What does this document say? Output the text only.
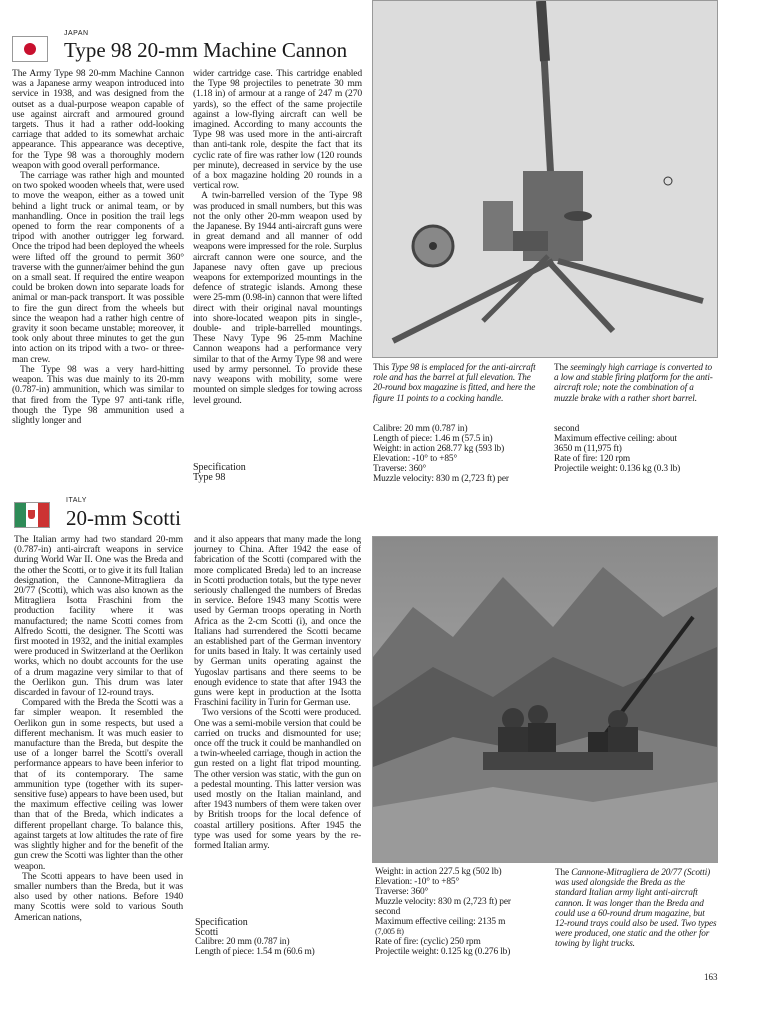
JAPAN
Type 98 20-mm Machine Cannon

The Army Type 98 20-mm Machine Cannon was a Japanese army weapon introduced into service in 1938, and was designed from the outset as a dual-purpose weapon capable of use against aircraft and armoured ground targets. Thus it had a rather odd-looking carriage that added to its somewhat archaic appearance. This appearance was deceptive, for the Type 98 was a thoroughly modern weapon with good overall performance.

The carriage was rather high and mounted on two spoked wooden wheels that, were used to move the weapon, either as a towed unit behind a light truck or animal team, or by manhandling. Once in position the trail legs opened to form the rear components of a tripod with another outrigger leg forward. Once the tripod had been deployed the wheels were lifted off the ground to permit 360° traverse with the gunner/aimer behind the gun on a small seat. If required the entire weapon could be broken down into separate loads for animal or man-pack transport. It was possible to fire the gun direct from the wheels but since the weapon had a rather high centre of gravity it soon became unstable; moreover, it took only about three minutes to get the gun into action on its tripod with a two- or three-man crew.

The Type 98 was a very hard-hitting weapon. This was due mainly to its 20-mm (0.787-in) ammunition, which was similar to that fired from the Type 97 anti-tank rifle, though the Type 98 ammunition used a slightly longer and

wider cartridge case. This cartridge enabled the Type 98 projectiles to penetrate 30 mm (1.18 in) of armour at a range of 247 m (270 yards), so the effect of the same projectile against a low-flying aircraft can well be imagined. According to many accounts the Type 98 was used more in the anti-aircraft than anti-tank role, despite the fact that its cyclic rate of fire was rather low (120 rounds per minute), decreased in service by the use of a box magazine holding 20 rounds in a vertical row.

A twin-barrelled version of the Type 98 was produced in small numbers, but this was not the only other 20-mm weapon used by the Japanese. By 1944 anti-aircraft guns were in great demand and all manner of odd weapons were impressed for the role. Surplus aircraft cannon were one source, and the Japanese navy often gave up precious weapons for extemporized mountings in the defence of strategic islands. Among these were 25-mm (0.98-in) cannon that were lifted direct with their original naval mountings into shore-located weapon pits in single-, double- and triple-barrelled mountings. These Navy Type 96 25-mm Machine Cannon weapons had a performance very similar to that of the Army Type 98 and were used by army personnel. To provide these navy weapons with mobility, some were mounted on simple sledges for towing across level ground.

Specification
Type 98
This Type 98 is emplaced for the anti-aircraft role and has the barrel at full elevation. The 20-round box magazine is fitted, and here the figure 11 points to a cocking handle.
The seemingly high carriage is converted to a low and stable firing platform for the anti-aircraft role; note the combination of a muzzle brake with a rather short barrel.
Calibre: 20 mm (0.787 in)
Length of piece: 1.46 m (57.5 in)
Weight: in action 268.77 kg (593 lb)
Elevation: -10° to +85°
Traverse: 360°
Muzzle velocity: 830 m (2,723 ft) per
second
Maximum effective ceiling: about
3650 m (11,975 ft)
Rate of fire: 120 rpm
Projectile weight: 0.136 kg (0.3 lb)
ITALY
20-mm Scotti

The Italian army had two standard 20-mm (0.787-in) anti-aircraft weapons in service during World War II. One was the Breda and the other the Scotti, or to give it its full Italian designation, the Cannone-Mitragliera da 20/77 (Scotti), which was also known as the Mitragliera Isotta Fraschini from the production facility where it was manufactured; the name Scotti comes from Alfredo Scotti, the designer. The Scotti was first mooted in 1932, and the initial examples were produced in Switzerland at the Oerlikon works, which no doubt accounts for the use of a drum magazine very similar to that of the Oerlikon gun. This drum was later discarded in favour of 12-round trays.

Compared with the Breda the Scotti was a far simpler weapon. It resembled the Oerlikon gun in some respects, but used a different mechanism. It was much easier to manufacture than the Breda, but despite the use of a longer barrel the Scotti's overall performance appears to have been inferior to that of its contemporary. The same ammunition type (together with its super-sensitive fuse) appears to have been used, but the maximum effective ceiling was lower than that of the Breda, which indicates a different propellant charge. To balance this, against targets at low altitudes the rate of fire was slightly higher and for the benefit of the gun crew the Scotti was lighter than the other weapon.

The Scotti appears to have been used in smaller numbers than the Breda, but it was also used by other nations. Before 1940 many Scottis were sold to various South American nations,

and it also appears that many made the long journey to China. After 1942 the ease of fabrication of the Scotti (compared with the more complicated Breda) led to an increase in Scotti production totals, but the type never seriously challenged the numbers of Bredas in service. Before 1943 many Scottis were used by German troops operating in North Africa as the 2-cm Scotti (i), and once the Italians had surrendered the Scotti became an established part of the German inventory for units based in Italy. It was certainly used by German units operating against the Yugoslav partisans and there seems to be enough evidence to state that after 1943 the guns were kept in production at the Isotta Fraschini facility in Turin for German use.

Two versions of the Scotti were produced. One was a semi-mobile version that could be carried on trucks and dismounted for use; once off the truck it could be manhandled on a twin-wheeled carriage, though in action the gun rested on a light flat tripod mounting. The other version was static, with the gun on a pedestal mounting. This latter version was used mostly on the Italian mainland, and after 1943 numbers of them were taken over by British troops for the local defence of coastal artillery positions. After 1945 the type was used for some years by the re-formed Italian army.

Specification
Scotti
Calibre: 20 mm (0.787 in)
Length of piece: 1.54 m (60.6 m)
Weight: in action 227.5 kg (502 lb)
Elevation: -10° to +85°
Traverse: 360°
Muzzle velocity: 830 m (2,723 ft) per
second
Maximum effective ceiling: 2135 m
(7,005 ft)
Rate of fire: (cyclic) 250 rpm
Projectile weight: 0.125 kg (0.276 lb)
The Cannone-Mitragliera de 20/77 (Scotti) was used alongside the Breda as the standard Italian army light anti-aircraft cannon. It was longer than the Breda and could use a 60-round drum magazine, but 12-round trays could also be used. Two types were produced, one static and the other for towing by light trucks.
163
